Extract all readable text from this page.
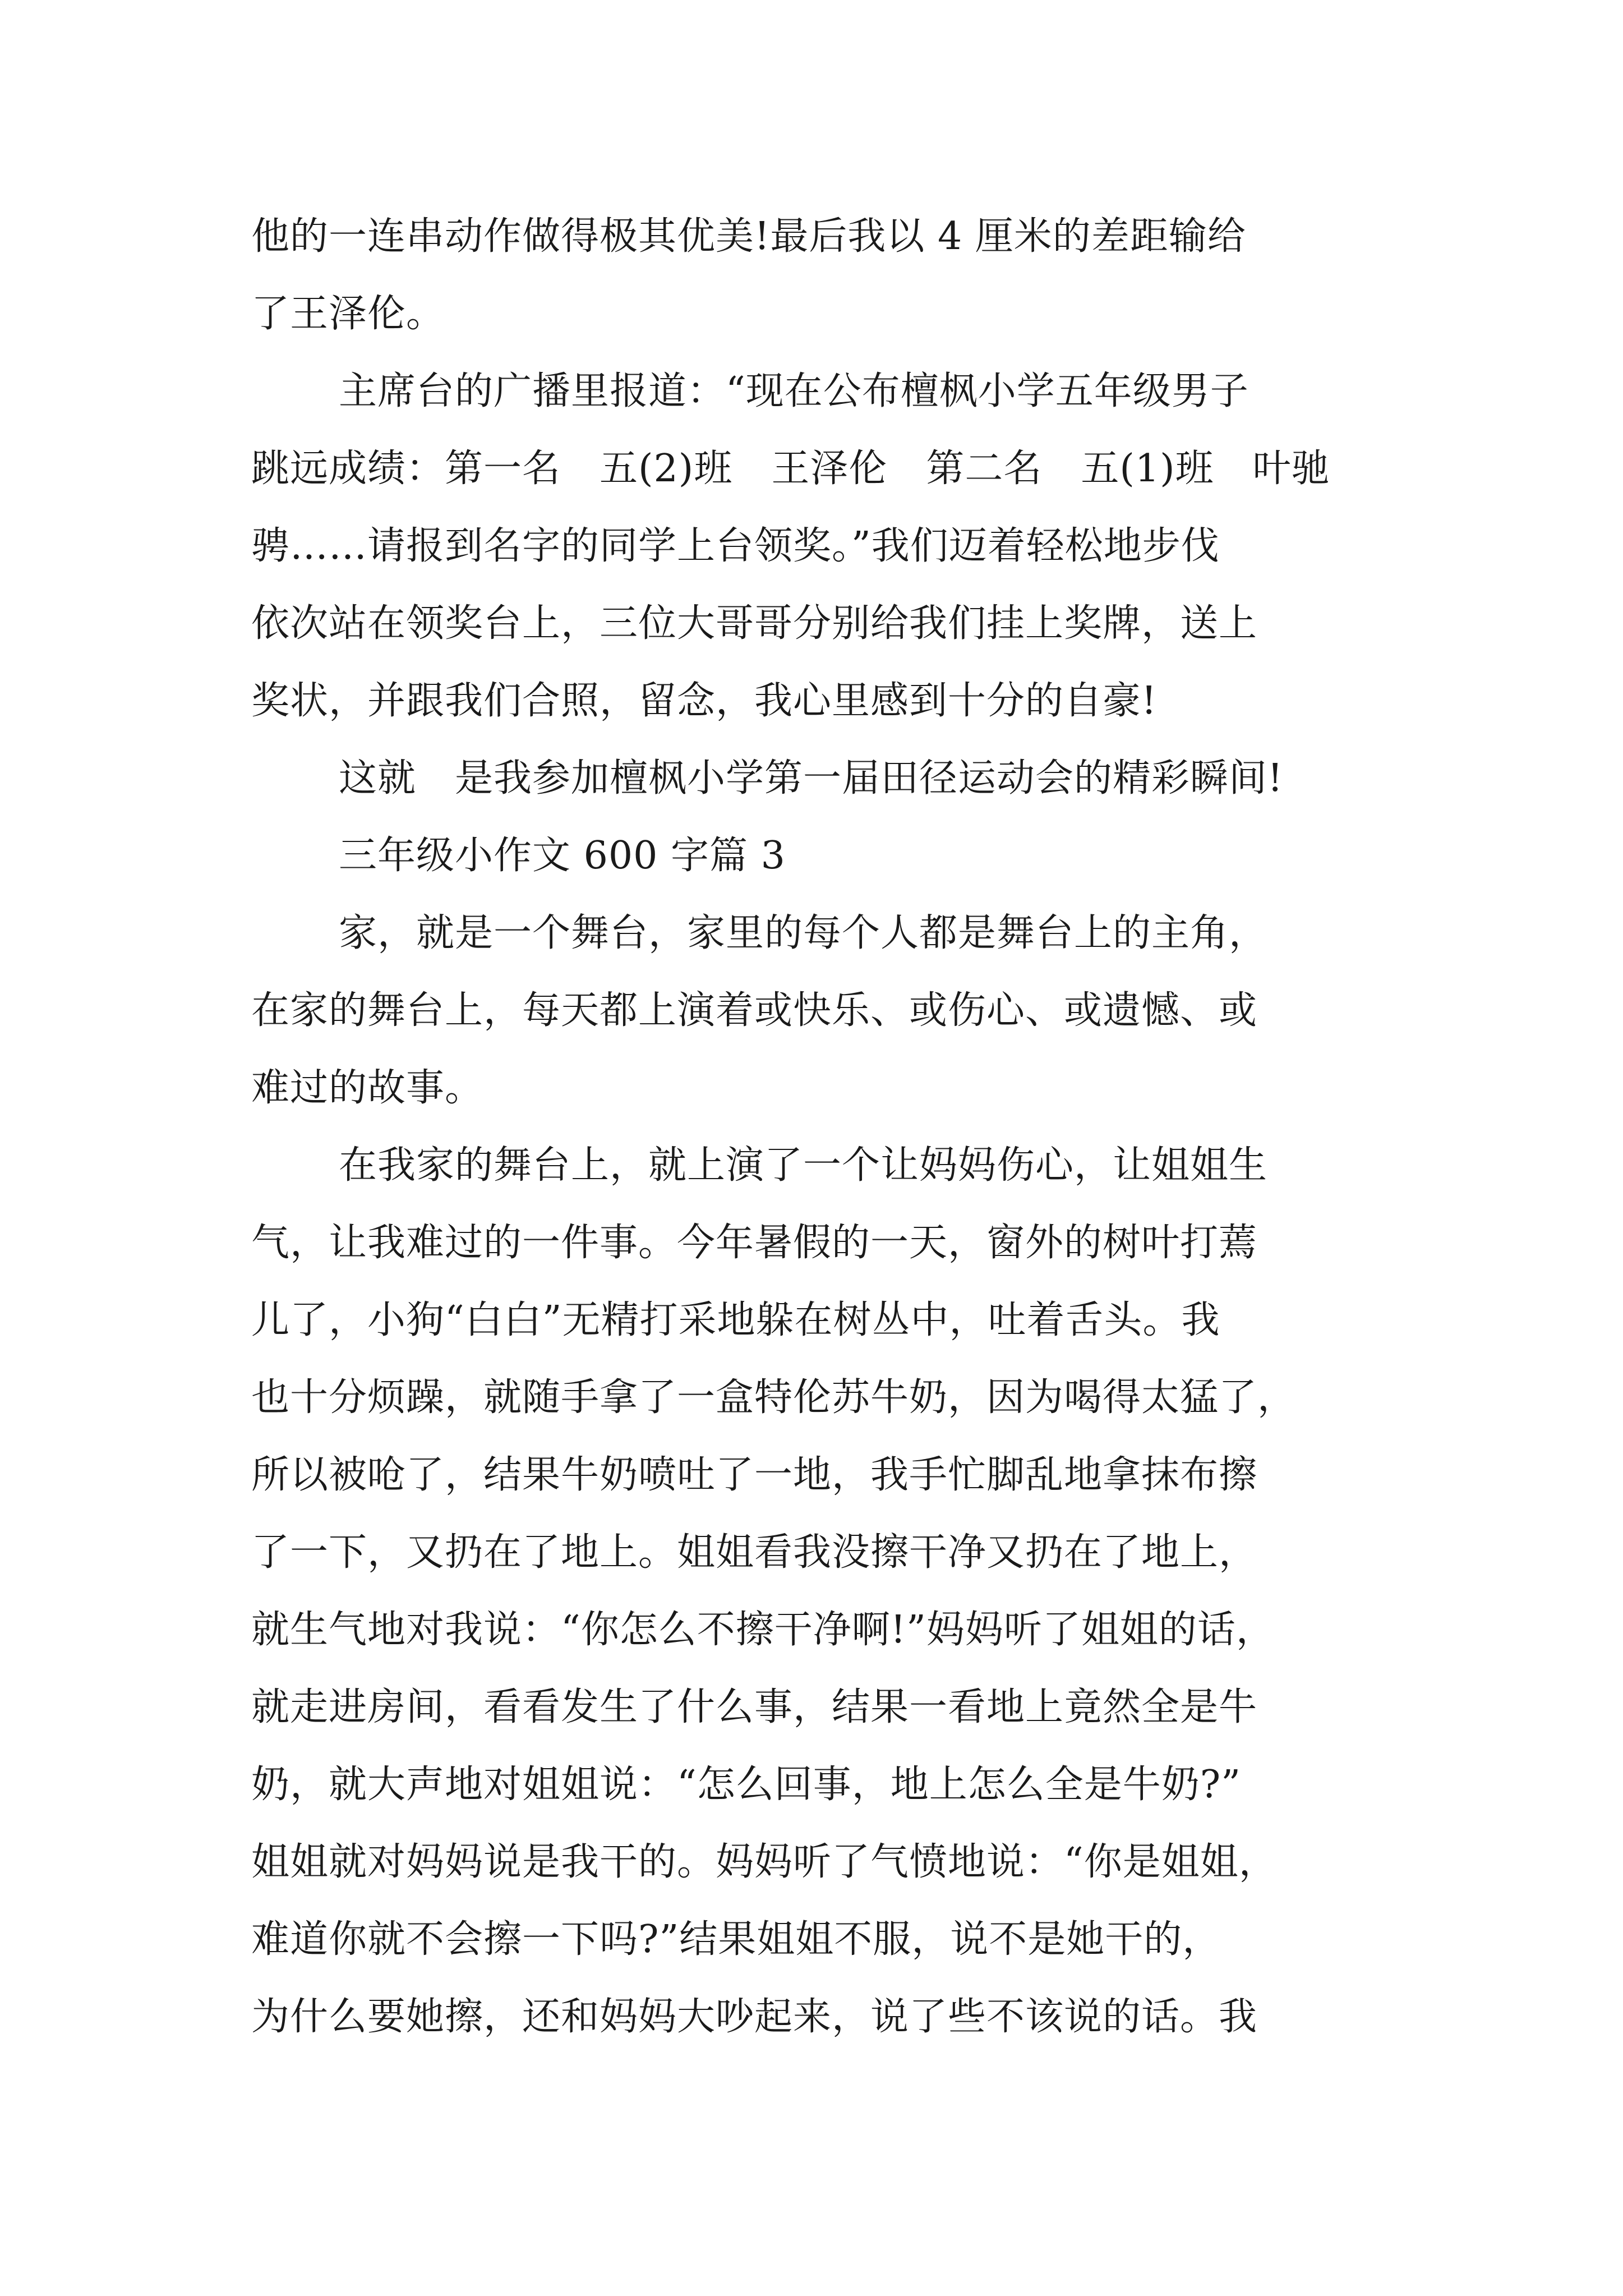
他的一连串动作做得极其优美!最后我以 4 厘米的差距输给

了王泽伦。

主席台的广播里报道：“现在公布檀枫小学五年级男子

跳远成绩：第一名　五(2)班　王泽伦　第二名　五(1)班　叶驰

骋……请报到名字的同学上台领奖。”我们迈着轻松地步伐

依次站在领奖台上，三位大哥哥分别给我们挂上奖牌，送上

奖状，并跟我们合照，留念，我心里感到十分的自豪!

这就　是我参加檀枫小学第一届田径运动会的精彩瞬间!

三年级小作文 600 字篇 3

家，就是一个舞台，家里的每个人都是舞台上的主角，

在家的舞台上，每天都上演着或快乐、或伤心、或遗憾、或

难过的故事。

在我家的舞台上，就上演了一个让妈妈伤心，让姐姐生

气，让我难过的一件事。今年暑假的一天，窗外的树叶打蔫

儿了，小狗“白白”无精打采地躲在树丛中，吐着舌头。我

也十分烦躁，就随手拿了一盒特伦苏牛奶，因为喝得太猛了，

所以被呛了，结果牛奶喷吐了一地，我手忙脚乱地拿抹布擦

了一下，又扔在了地上。姐姐看我没擦干净又扔在了地上，

就生气地对我说：“你怎么不擦干净啊!”妈妈听了姐姐的话，

就走进房间，看看发生了什么事，结果一看地上竟然全是牛

奶，就大声地对姐姐说：“怎么回事，地上怎么全是牛奶?”

姐姐就对妈妈说是我干的。妈妈听了气愤地说：“你是姐姐，

难道你就不会擦一下吗?”结果姐姐不服，说不是她干的，

为什么要她擦，还和妈妈大吵起来，说了些不该说的话。我
